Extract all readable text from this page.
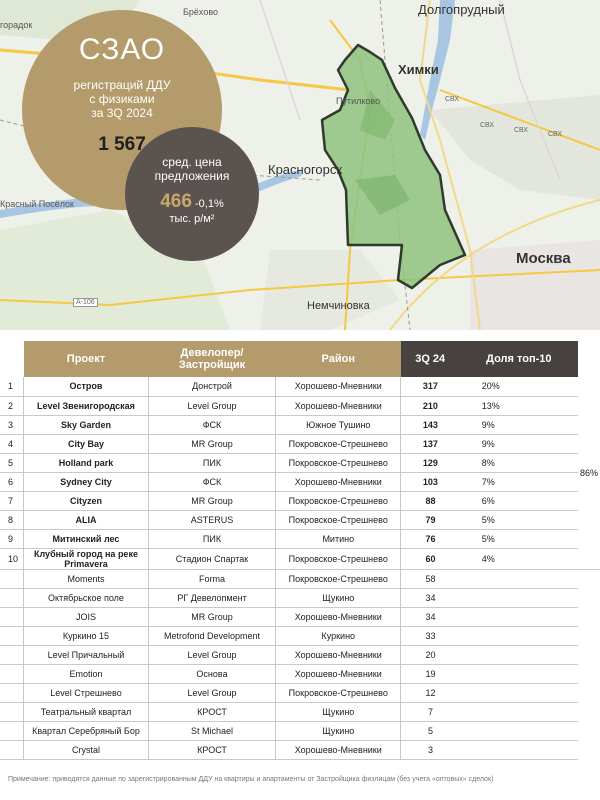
Долгопрудный
Брёхово
горадок
Химки
Путилково
Красногорск
Красный Посёлок
Москва
Немчиновка
A-106
СВХ
СВХ
СВХ
СВХ
СЗАО
регистраций ДДУ
с физиками
за 3Q 2024
1 567
сред. цена
предложения
466 -0,1%
тыс. р/м²
	Проект	Девелопер/ Застройщик	Район	3Q 24	Доля топ-10	
1	Остров	Донстрой	Хорошево-Мневники	317	20%	86%
2	Level Звенигородская	Level Group	Хорошево-Мневники	210	13%	
3	Sky Garden	ФСК	Южное Тушино	143	9%	
4	City Bay	MR Group	Покровское-Стрешнево	137	9%	
5	Holland park	ПИК	Покровское-Стрешнево	129	8%	
6	Sydney City	ФСК	Хорошево-Мневники	103	7%	
7	Cityzen	MR Group	Покровское-Стрешнево	88	6%	
8	ALIA	ASTERUS	Покровское-Стрешнево	79	5%	
9	Митинский лес	ПИК	Митино	76	5%	
10	Клубный город на реке Primavera	Стадион Спартак	Покровское-Стрешнево	60	4%	
	Moments	Forma	Покровское-Стрешнево	58		
	Октябрьское поле	РГ Девелопмент	Щукино	34		
	JOIS	MR Group	Хорошево-Мневники	34		
	Куркино 15	Metrofond Development	Куркино	33		
	Level Причальный	Level Group	Хорошево-Мневники	20		
	Emotion	Основа	Хорошево-Мневники	19		
	Level Стрешнево	Level Group	Покровское-Стрешнево	12		
	Театральный квартал	КРОСТ	Щукино	7		
	Квартал Серебряный Бор	St Michael	Щукино	5		
	Crystal	КРОСТ	Хорошево-Мневники	3		
Примечание: приводятся данные по зарегистрированным ДДУ на квартиры и апартаменты от Застройщика физлицам (без учета «оптовых» сделок)
